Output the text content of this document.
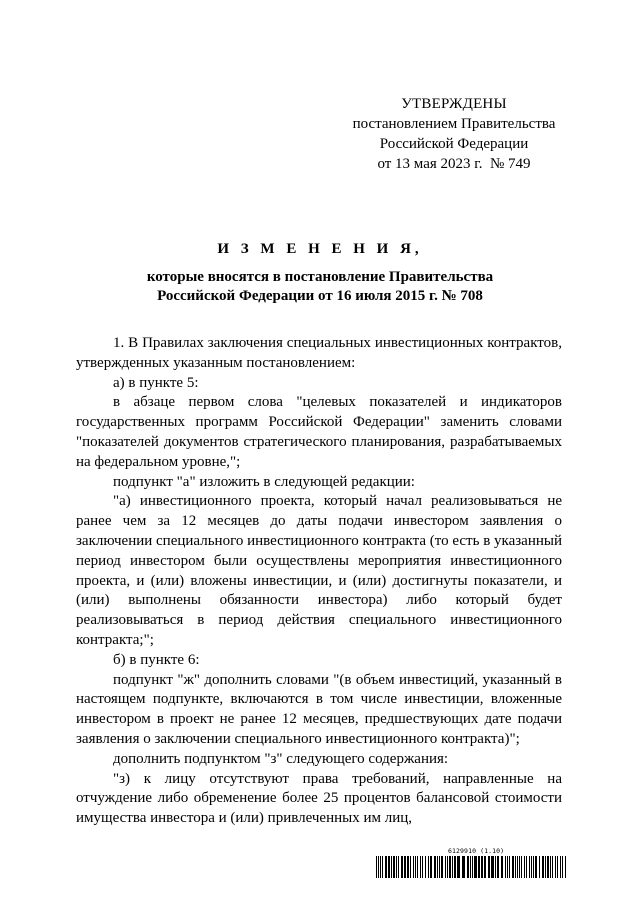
УТВЕРЖДЕНЫ
постановлением Правительства
Российской Федерации
от 13 мая 2023 г.  № 749
И З М Е Н Е Н И Я,
которые вносятся в постановление Правительства
Российской Федерации от 16 июля 2015 г. № 708

1. В Правилах заключения специальных инвестиционных контрактов, утвержденных указанным постановлением:

а) в пункте 5:

в абзаце первом слова "целевых показателей и индикаторов государственных программ Российской Федерации" заменить словами "показателей документов стратегического планирования, разрабатываемых на федеральном уровне,";

подпункт "а" изложить в следующей редакции:

"а) инвестиционного проекта, который начал реализовываться не ранее чем за 12 месяцев до даты подачи инвестором заявления о заключении специального инвестиционного контракта (то есть в указанный период инвестором были осуществлены мероприятия инвестиционного проекта, и (или) вложены инвестиции, и (или) достигнуты показатели, и (или) выполнены обязанности инвестора) либо который будет реализовываться в период действия специального инвестиционного контракта;";

б) в пункте 6:

подпункт "ж" дополнить словами "(в объем инвестиций, указанный в настоящем подпункте, включаются в том числе инвестиции, вложенные инвестором в проект не ранее 12 месяцев, предшествующих дате подачи заявления о заключении специального инвестиционного контракта)";

дополнить подпунктом "з" следующего содержания:

"з) к лицу отсутствуют права требований, направленные на отчуждение либо обременение более 25 процентов балансовой стоимости имущества инвестора и (или) привлеченных им лиц,

6129910 (1.10)
